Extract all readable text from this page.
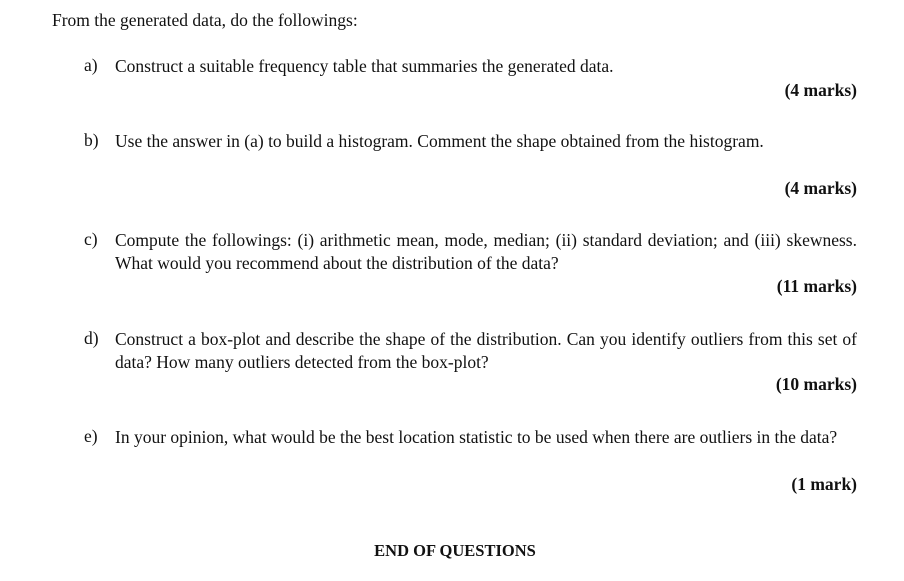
From the generated data, do the followings:
a) Construct a suitable frequency table that summaries the generated data.
(4 marks)
b) Use the answer in (a) to build a histogram. Comment the shape obtained from the histogram.
(4 marks)
c) Compute the followings: (i) arithmetic mean, mode, median; (ii) standard deviation; and (iii) skewness. What would you recommend about the distribution of the data?
(11 marks)
d) Construct a box-plot and describe the shape of the distribution. Can you identify outliers from this set of data? How many outliers detected from the box-plot?
(10 marks)
e) In your opinion, what would be the best location statistic to be used when there are outliers in the data?
(1 mark)
END OF QUESTIONS
